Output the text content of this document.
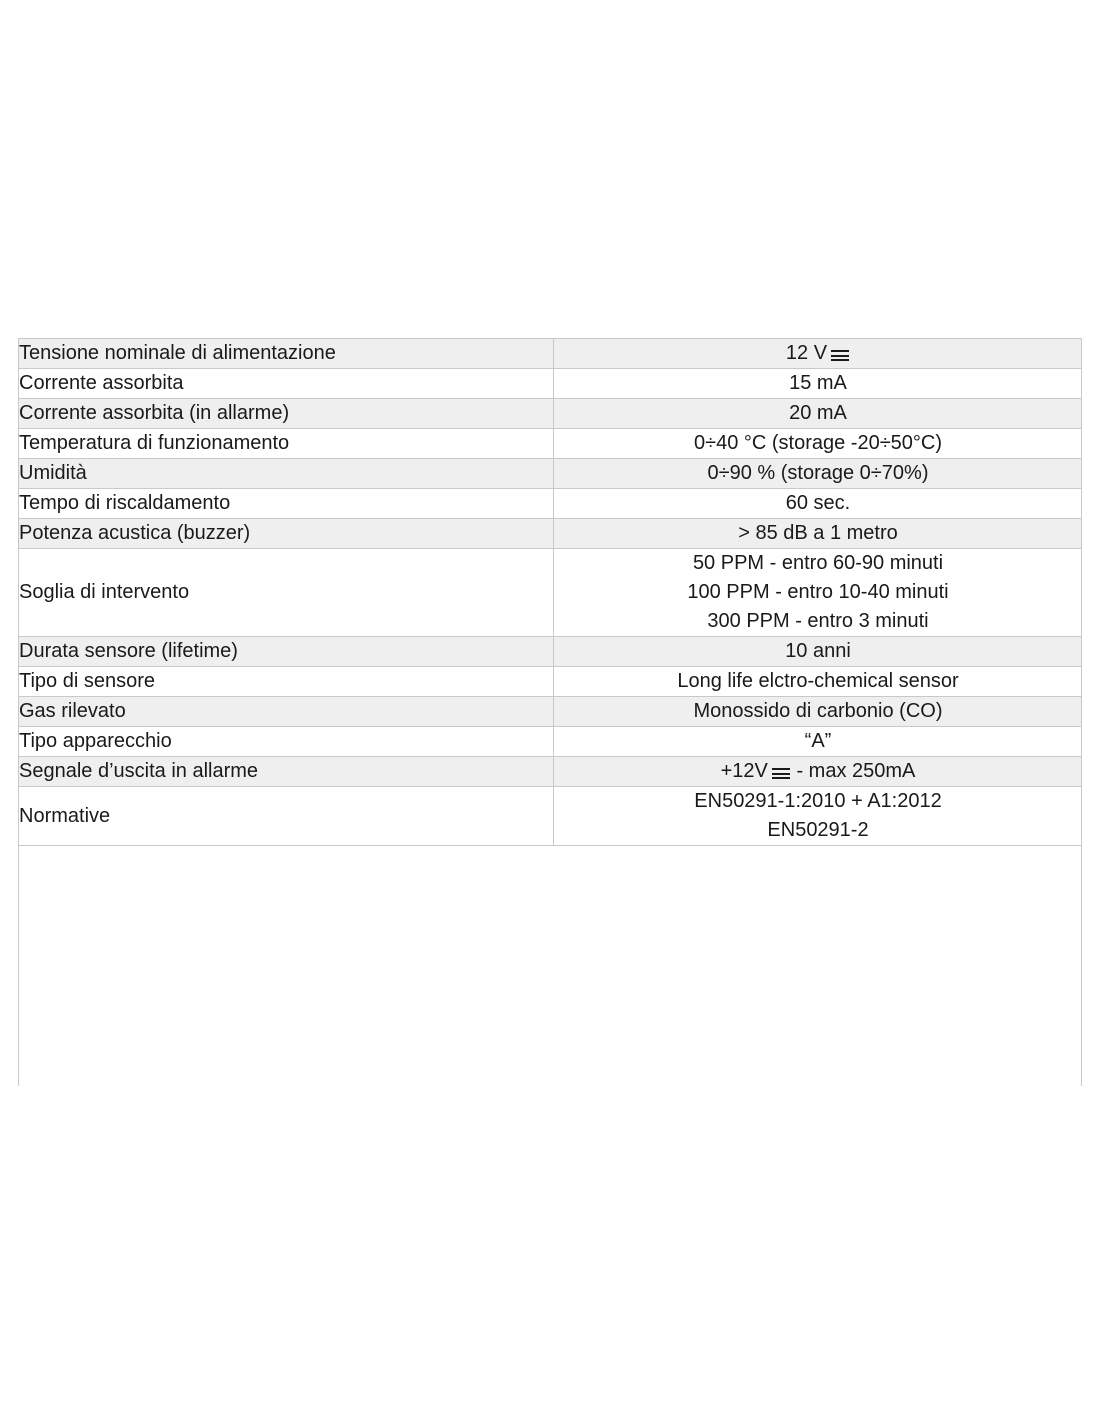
Tensione nominale di alimentazione	12 V

Corrente assorbita	15 mA

Corrente assorbita (in allarme)	20 mA

Temperatura di funzionamento	0÷40 °C (storage -20÷50°C)

Umidità	0÷90 % (storage 0÷70%)

Tempo di riscaldamento	60 sec.

Potenza acustica (buzzer)	> 85 dB a 1 metro

Soglia di intervento	50 PPM - entro 60-90 minuti
100 PPM - entro 10-40 minuti
300 PPM - entro 3 minuti

Durata sensore (lifetime)	10 anni

Tipo di sensore	Long life elctro-chemical sensor

Gas rilevato	Monossido di carbonio (CO)

Tipo apparecchio	“A”

Segnale d’uscita in allarme	+12V
- max 250mA

Normative	EN50291-1:2010 + A1:2012
EN50291-2
